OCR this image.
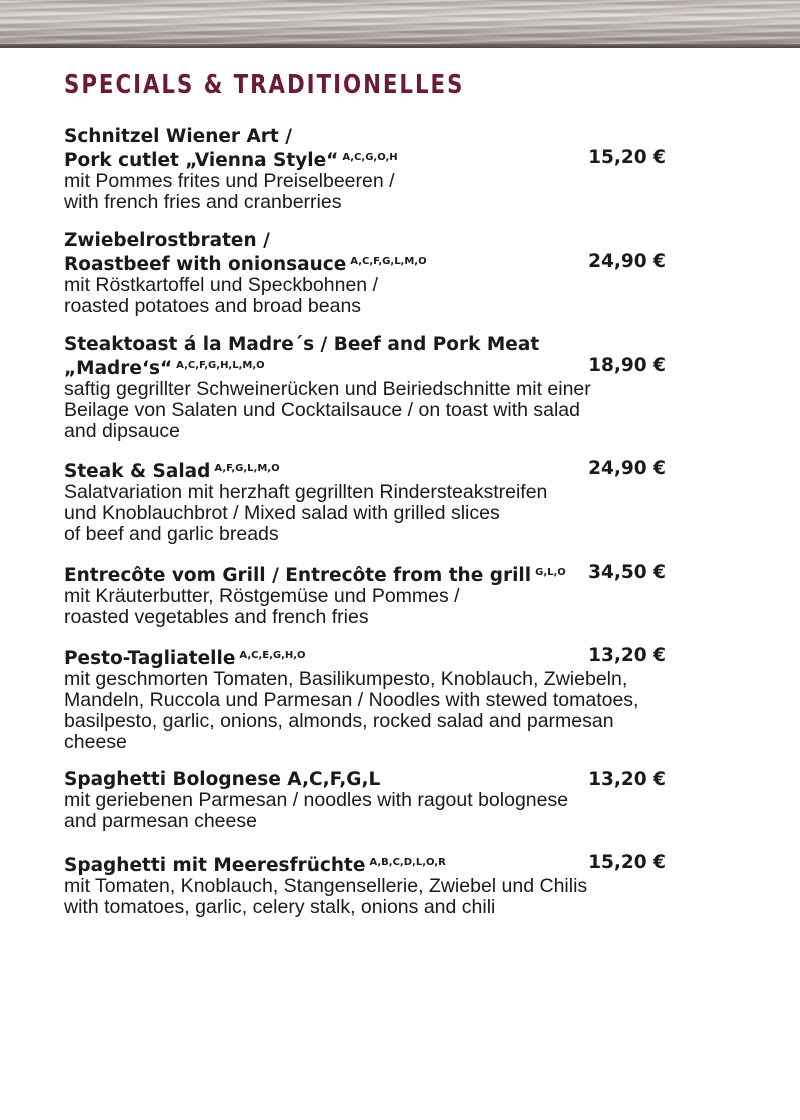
SPECIALS & TRADITIONELLES
Schnitzel Wiener Art /
Pork cutlet „Vienna Style“ $^{A,C,G,O,H}$	15,20 €
mit Pommes frites und Preiselbeeren /
with french fries and cranberries
Zwiebelrostbraten /
Roastbeef with onionsauce $^{A,C,F,G,L,M,O}$	24,90 €
mit Röstkartoffel und Speckbohnen /
roasted potatoes and broad beans
Steaktoast á la Madre´s / Beef and Pork Meat
„Madre‘s“ $^{A,C,F,G,H,L,M,O}$	18,90 €
saftig gegrillter Schweinerücken und Beiriedschnitte mit einer
Beilage von Salaten und Cocktailsauce / on toast with salad
and dipsauce
Steak & Salad $^{A,F,G,L,M,O}$	24,90 €
Salatvariation mit herzhaft gegrillten Rindersteakstreifen
und Knoblauchbrot / Mixed salad with grilled slices
of beef and garlic breads
Entrecôte vom Grill / Entrecôte from the grill $^{G,L,O}$ 34,50 €
mit Kräuterbutter, Röstgemüse und Pommes /
roasted vegetables and french fries
Pesto-Tagliatelle $^{A,C,E,G,H,O}$	13,20 €
mit geschmorten Tomaten, Basilikumpesto, Knoblauch, Zwiebeln,
Mandeln, Ruccola und Parmesan / Noodles with stewed tomatoes,
basilpesto, garlic, onions, almonds, rocked salad and parmesan
cheese
Spaghetti Bolognese A,C,F,G,L	13,20 €
mit geriebenen Parmesan / noodles with ragout bolognese
and parmesan cheese
Spaghetti mit Meeresfrüchte $^{A,B,C,D,L,O,R}$	15,20 €
mit Tomaten, Knoblauch, Stangensellerie, Zwiebel und Chilis
with tomatoes, garlic, celery stalk, onions and chili
